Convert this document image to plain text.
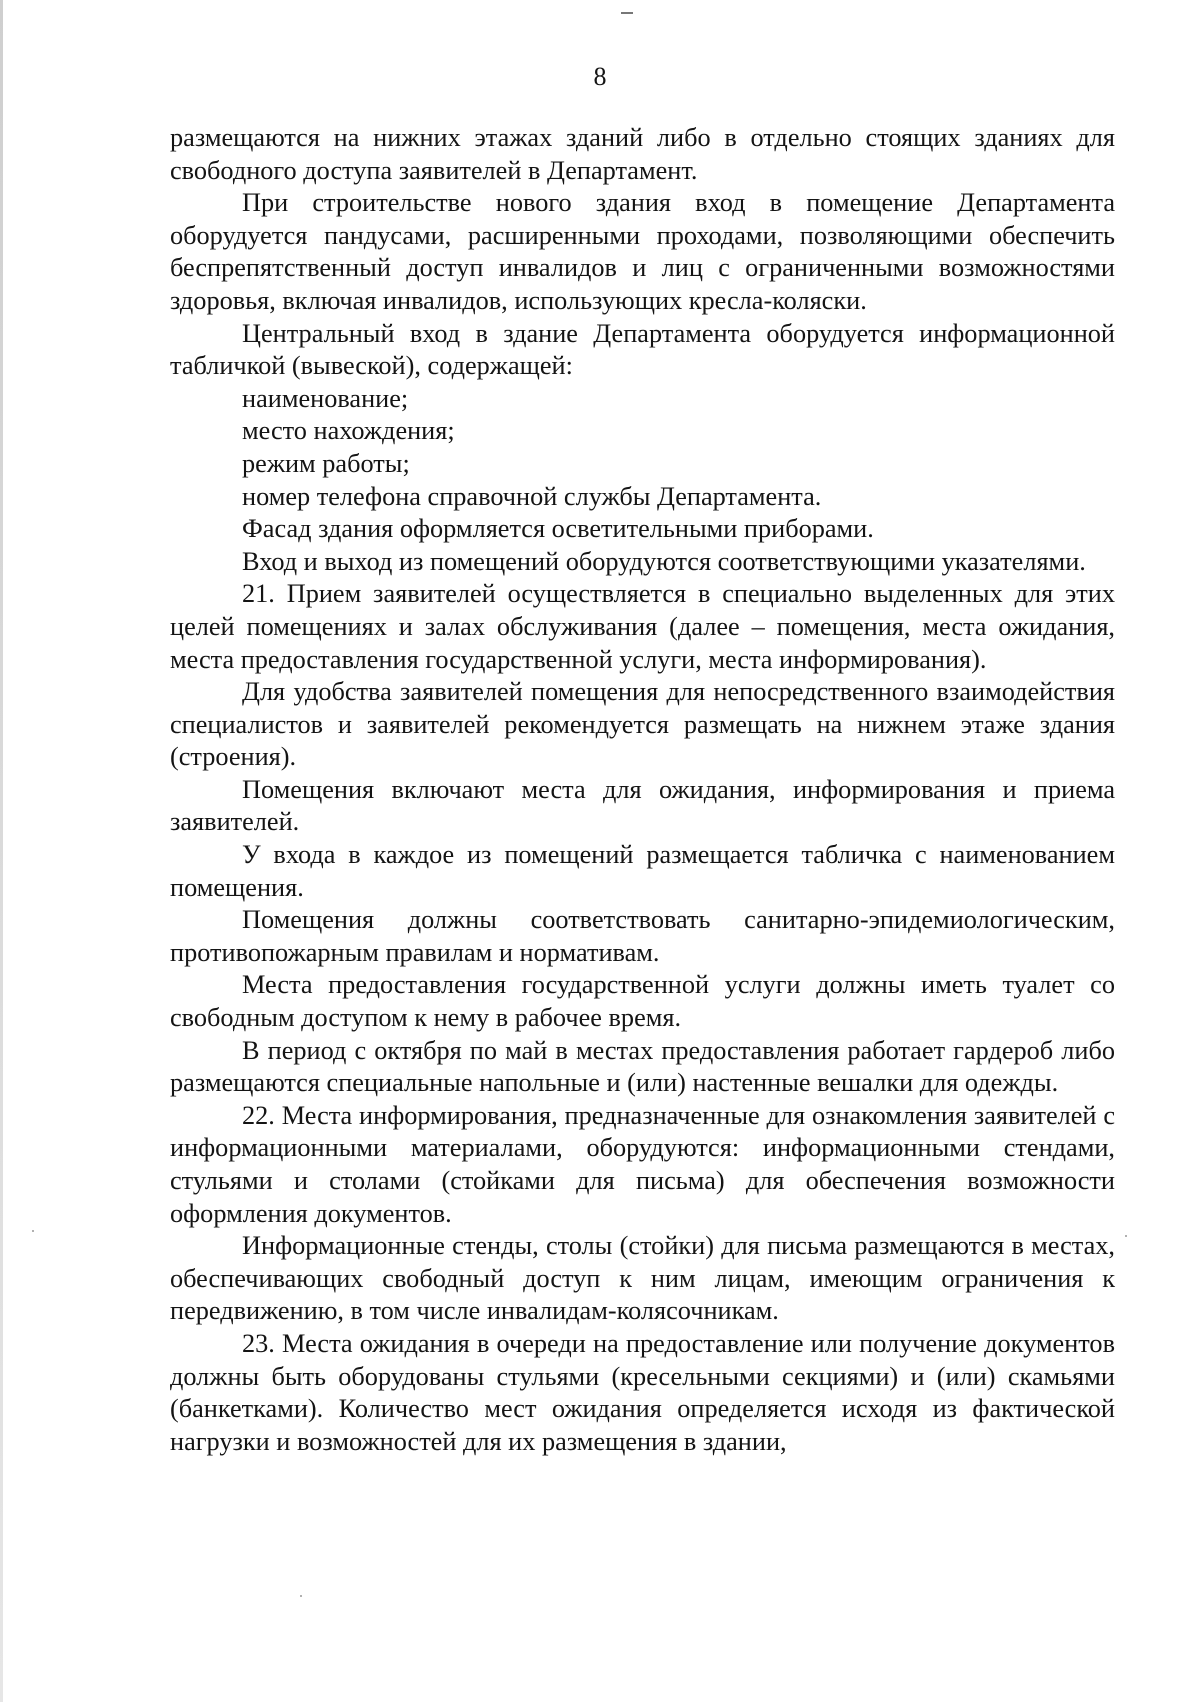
8

размещаются на нижних этажах зданий либо в отдельно стоящих зданиях для свободного доступа заявителей в Департамент.

При строительстве нового здания вход в помещение Департамента оборудуется пандусами, расширенными проходами, позволяющими обеспечить беспрепятственный доступ инвалидов и лиц с ограниченными возможностями здоровья, включая инвалидов, использующих кресла-коляски.

Центральный вход в здание Департамента оборудуется информационной табличкой (вывеской), содержащей:

наименование;

место нахождения;

режим работы;

номер телефона справочной службы Департамента.

Фасад здания оформляется осветительными приборами.

Вход и выход из помещений оборудуются соответствующими указателями.

21. Прием заявителей осуществляется в специально выделенных для этих целей помещениях и залах обслуживания (далее – помещения, места ожидания, места предоставления государственной услуги, места информирования).

Для удобства заявителей помещения для непосредственного взаимодействия специалистов и заявителей рекомендуется размещать на нижнем этаже здания (строения).

Помещения включают места для ожидания, информирования и приема заявителей.

У входа в каждое из помещений размещается табличка с наименованием помещения.

Помещения должны соответствовать санитарно-эпидемиологическим, противопожарным правилам и нормативам.

Места предоставления государственной услуги должны иметь туалет со свободным доступом к нему в рабочее время.

В период с октября по май в местах предоставления работает гардероб либо размещаются специальные напольные и (или) настенные вешалки для одежды.

22. Места информирования, предназначенные для ознакомления заявителей с информационными материалами, оборудуются: информационными стендами, стульями и столами (стойками для письма) для обеспечения возможности оформления документов.

Информационные стенды, столы (стойки) для письма размещаются в местах, обеспечивающих свободный доступ к ним лицам, имеющим ограничения к передвижению, в том числе инвалидам-колясочникам.

23. Места ожидания в очереди на предоставление или получение документов должны быть оборудованы стульями (кресельными секциями) и (или) скамьями (банкетками). Количество мест ожидания определяется исходя из фактической нагрузки и возможностей для их размещения в здании,
